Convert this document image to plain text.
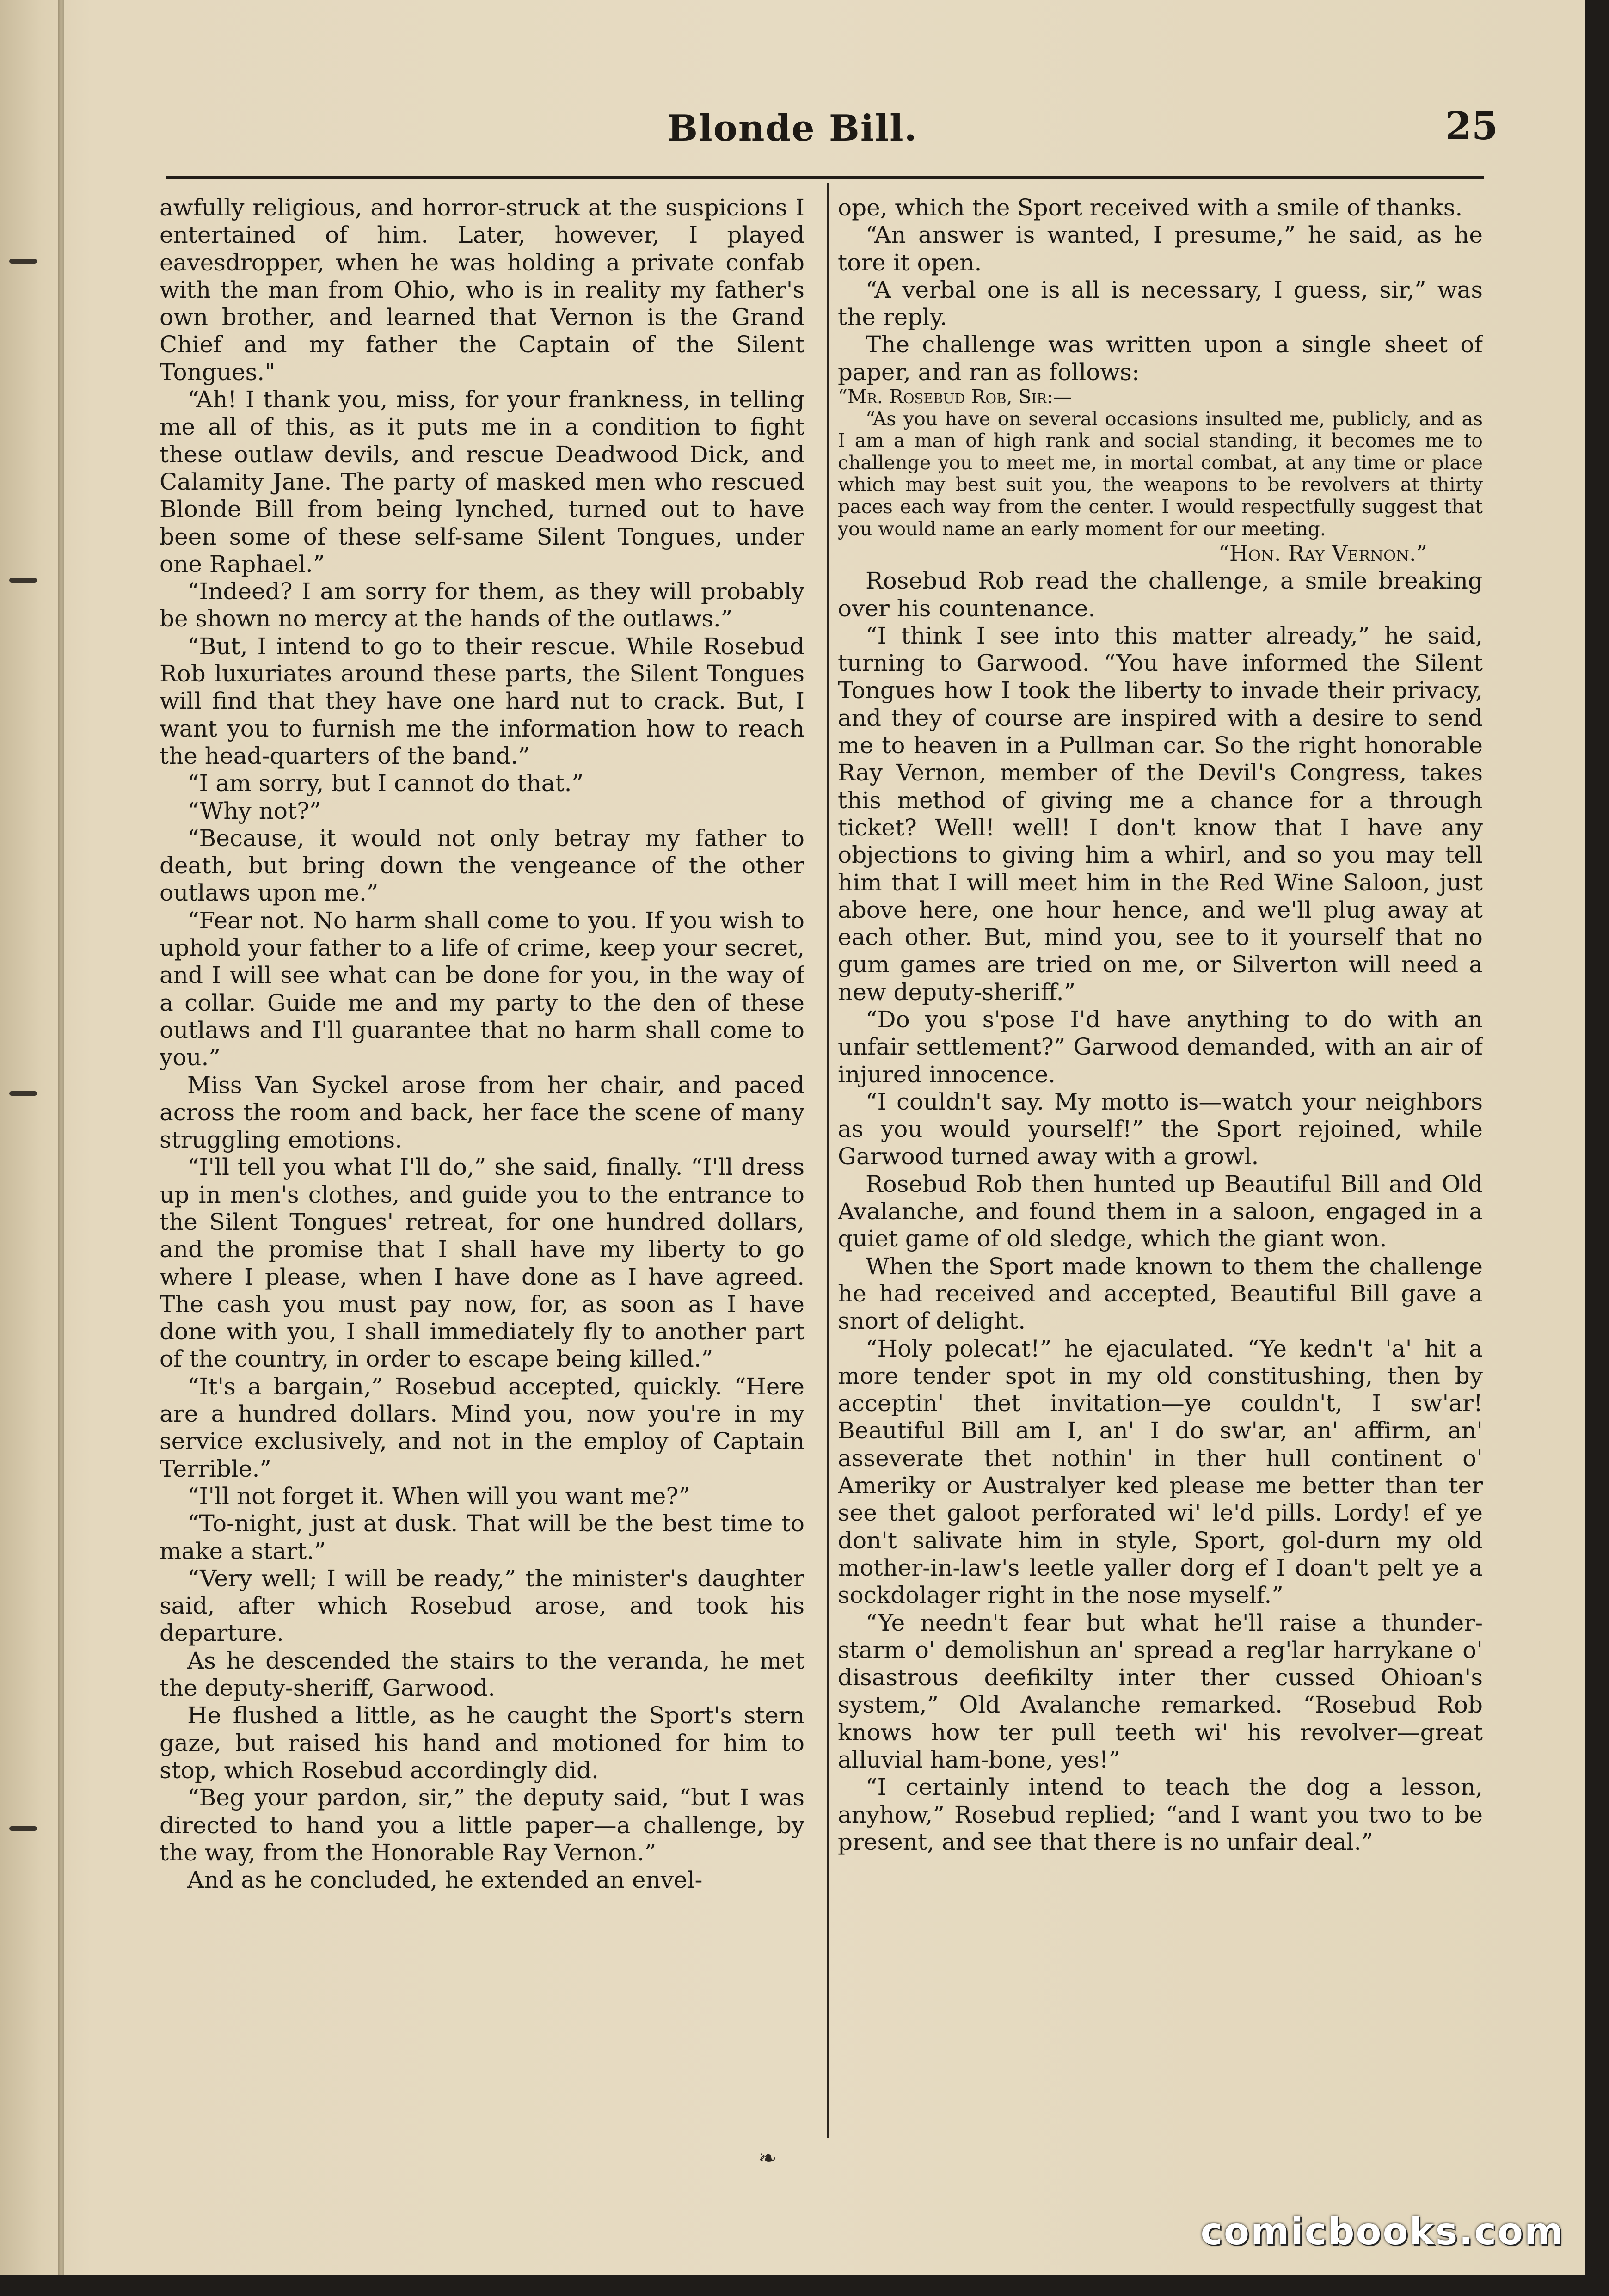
Blonde Bill.	25

awfully religious, and horror-struck at the suspicions I entertained of him. Later, however, I played eavesdropper, when he was holding a private confab with the man from Ohio, who is in reality my father's own brother, and learned that Vernon is the Grand Chief and my father the Captain of the Silent Tongues."

“Ah! I thank you, miss, for your frankness, in telling me all of this, as it puts me in a condition to fight these outlaw devils, and rescue Deadwood Dick, and Calamity Jane. The party of masked men who rescued Blonde Bill from being lynched, turned out to have been some of these self-same Silent Tongues, under one Raphael.”

“Indeed? I am sorry for them, as they will probably be shown no mercy at the hands of the outlaws.”

“But, I intend to go to their rescue. While Rosebud Rob luxuriates around these parts, the Silent Tongues will find that they have one hard nut to crack. But, I want you to furnish me the information how to reach the head-quarters of the band.”

“I am sorry, but I cannot do that.”

“Why not?”

“Because, it would not only betray my father to death, but bring down the vengeance of the other outlaws upon me.”

“Fear not. No harm shall come to you. If you wish to uphold your father to a life of crime, keep your secret, and I will see what can be done for you, in the way of a collar. Guide me and my party to the den of these outlaws and I'll guarantee that no harm shall come to you.”

Miss Van Syckel arose from her chair, and paced across the room and back, her face the scene of many struggling emotions.

“I'll tell you what I'll do,” she said, finally. “I'll dress up in men's clothes, and guide you to the entrance to the Silent Tongues' retreat, for one hundred dollars, and the promise that I shall have my liberty to go where I please, when I have done as I have agreed. The cash you must pay now, for, as soon as I have done with you, I shall immediately fly to another part of the country, in order to escape being killed.”

“It's a bargain,” Rosebud accepted, quickly. “Here are a hundred dollars. Mind you, now you're in my service exclusively, and not in the employ of Captain Terrible.”

“I'll not forget it. When will you want me?”

“To-night, just at dusk. That will be the best time to make a start.”

“Very well; I will be ready,” the minister's daughter said, after which Rosebud arose, and took his departure.

As he descended the stairs to the veranda, he met the deputy-sheriff, Garwood.

He flushed a little, as he caught the Sport's stern gaze, but raised his hand and motioned for him to stop, which Rosebud accordingly did.

“Beg your pardon, sir,” the deputy said, “but I was directed to hand you a little paper—a challenge, by the way, from the Honorable Ray Vernon.”

And as he concluded, he extended an envel-

ope, which the Sport received with a smile of thanks.

“An answer is wanted, I presume,” he said, as he tore it open.

“A verbal one is all is necessary, I guess, sir,” was the reply.

The challenge was written upon a single sheet of paper, and ran as follows:

“Mr. Rosebud Rob, Sir:—

“As you have on several occasions insulted me, publicly, and as I am a man of high rank and social standing, it becomes me to challenge you to meet me, in mortal combat, at any time or place which may best suit you, the weapons to be revolvers at thirty paces each way from the center. I would respectfully suggest that you would name an early moment for our meeting.

“Hon. Ray Vernon.”

Rosebud Rob read the challenge, a smile breaking over his countenance.

“I think I see into this matter already,” he said, turning to Garwood. “You have informed the Silent Tongues how I took the liberty to invade their privacy, and they of course are inspired with a desire to send me to heaven in a Pullman car. So the right honorable Ray Vernon, member of the Devil's Congress, takes this method of giving me a chance for a through ticket? Well! well! I don't know that I have any objections to giving him a whirl, and so you may tell him that I will meet him in the Red Wine Saloon, just above here, one hour hence, and we'll plug away at each other. But, mind you, see to it yourself that no gum games are tried on me, or Silverton will need a new deputy-sheriff.”

“Do you s'pose I'd have anything to do with an unfair settlement?” Garwood demanded, with an air of injured innocence.

“I couldn't say. My motto is—watch your neighbors as you would yourself!” the Sport rejoined, while Garwood turned away with a growl.

Rosebud Rob then hunted up Beautiful Bill and Old Avalanche, and found them in a saloon, engaged in a quiet game of old sledge, which the giant won.

When the Sport made known to them the challenge he had received and accepted, Beautiful Bill gave a snort of delight.

“Holy polecat!” he ejaculated. “Ye kedn't 'a' hit a more tender spot in my old constitushing, then by acceptin' thet invitation—ye couldn't, I sw'ar! Beautiful Bill am I, an' I do sw'ar, an' affirm, an' asseverate thet nothin' in ther hull continent o' Ameriky or Australyer ked please me better than ter see thet galoot perforated wi' le'd pills. Lordy! ef ye don't salivate him in style, Sport, gol-durn my old mother-in-law's leetle yaller dorg ef I doan't pelt ye a sockdolager right in the nose myself.”

“Ye needn't fear but what he'll raise a thunder-starm o' demolishun an' spread a reg'lar harrykane o' disastrous deefikilty inter ther cussed Ohioan's system,” Old Avalanche remarked. “Rosebud Rob knows how ter pull teeth wi' his revolver—great alluvial ham-bone, yes!”

“I certainly intend to teach the dog a lesson, anyhow,” Rosebud replied; “and I want you two to be present, and see that there is no unfair deal.”

❧
comicbooks.com
